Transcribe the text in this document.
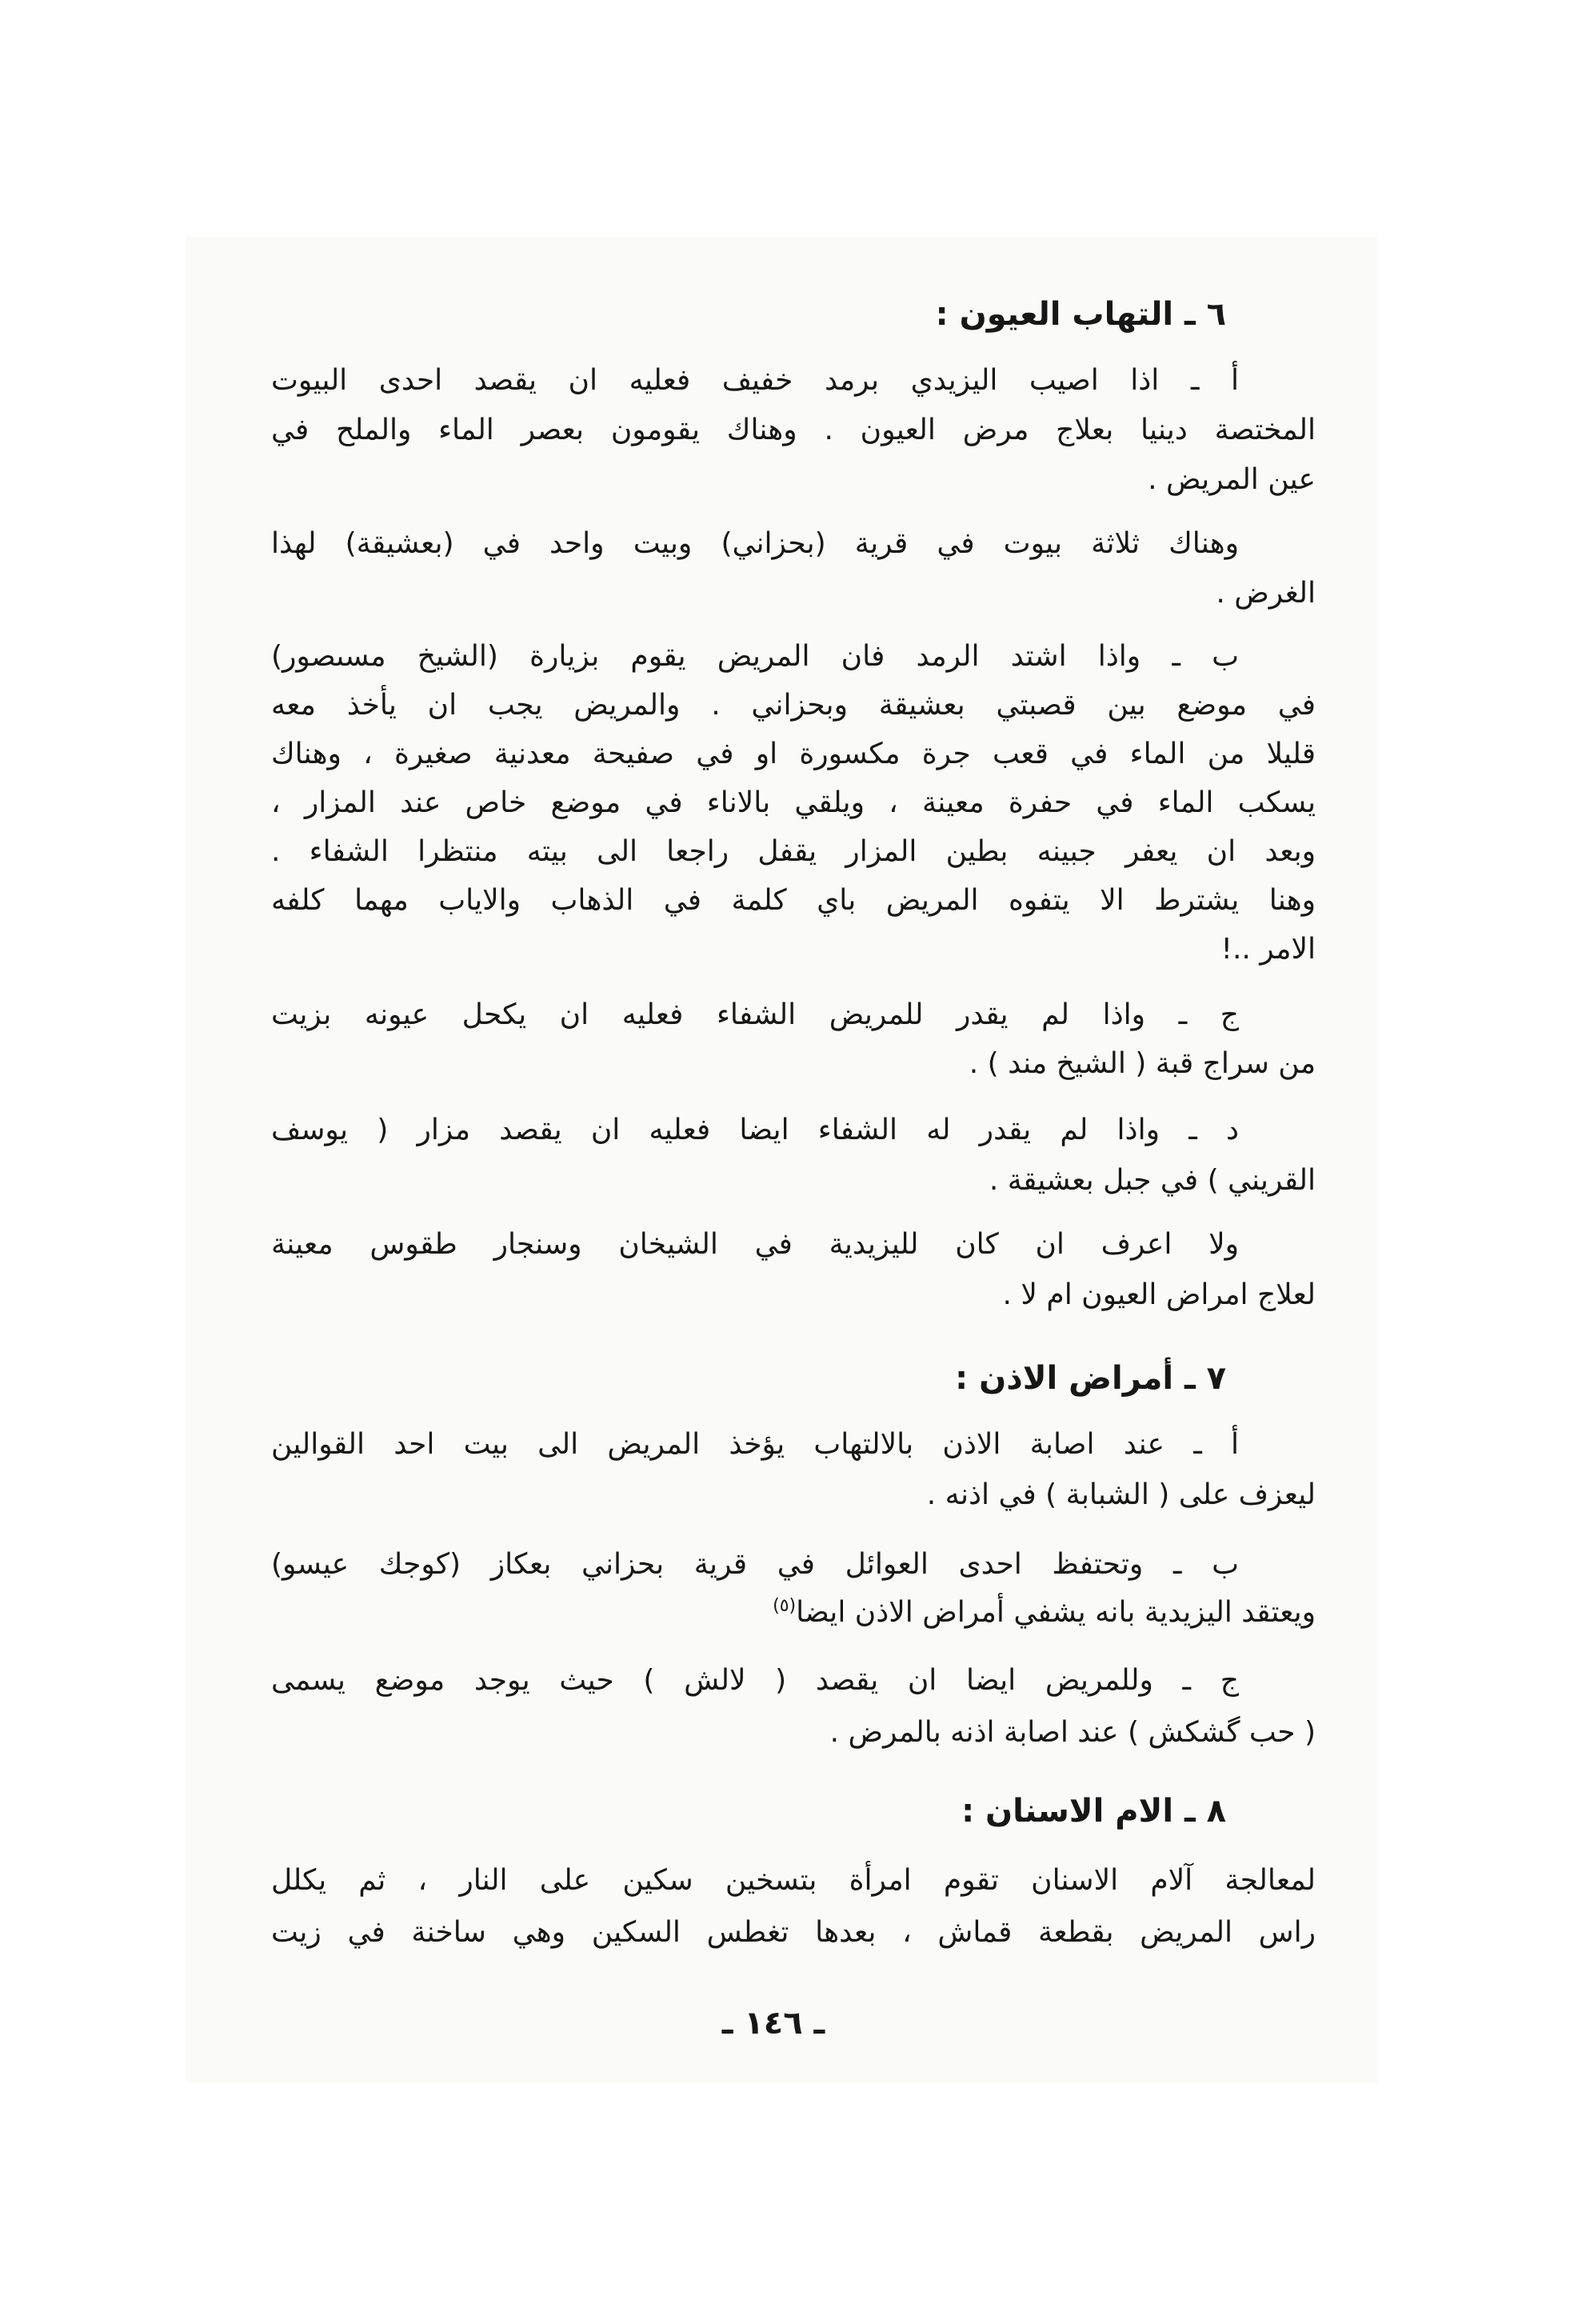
٦ ـ التهاب العيون :
أ ـ اذا اصيب اليزيدي برمد خفيف فعليه ان يقصد احدى البيوت
المختصة دينيا بعلاج مرض العيون . وهناك يقومون بعصر الماء والملح في
عين المريض .
وهناك ثلاثة بيوت في قرية (بحزاني) وبيت واحد في (بعشيقة) لهذا
الغرض .
ب ـ واذا اشتد الرمد فان المريض يقوم بزيارة (الشيخ مسىصور)
في موضع بين قصبتي بعشيقة وبحزاني . والمريض يجب ان يأخذ معه
قليلا من الماء في قعب جرة مكسورة او في صفيحة معدنية صغيرة ، وهناك
يسكب الماء في حفرة معينة ، ويلقي بالاناء في موضع خاص عند المزار ،
وبعد ان يعفر جبينه بطين المزار يقفل راجعا الى بيته منتظرا الشفاء .
وهنا يشترط الا يتفوه المريض باي كلمة في الذهاب والاياب مهما كلفه
الامر ..!
ج ـ واذا لم يقدر للمريض الشفاء فعليه ان يكحل عيونه بزيت
من سراج قبة ( الشيخ مند ) .
د ـ واذا لم يقدر له الشفاء ايضا فعليه ان يقصد مزار ( يوسف
القريني ) في جبل بعشيقة .
ولا اعرف ان كان لليزيدية في الشيخان وسنجار طقوس معينة
لعلاج امراض العيون ام لا .
٧ ـ أمراض الاذن :
أ ـ عند اصابة الاذن بالالتهاب يؤخذ المريض الى بيت احد القوالين
ليعزف على ( الشبابة ) في اذنه .
ب ـ وتحتفظ احدى العوائل في قرية بحزاني بعكاز (كوجك عيسو)
ويعتقد اليزيدية بانه يشفي أمراض الاذن ايضا$^{(٥)}$
ج ـ وللمريض ايضا ان يقصد ( لالش ) حيث يوجد موضع يسمى
( حب گشكش ) عند اصابة اذنه بالمرض .
٨ ـ الام الاسنان :
لمعالجة آلام الاسنان تقوم امرأة بتسخين سكين على النار ، ثم يكلل
راس المريض بقطعة قماش ، بعدها تغطس السكين وهي ساخنة في زيت
ـ ١٤٦ ـ
